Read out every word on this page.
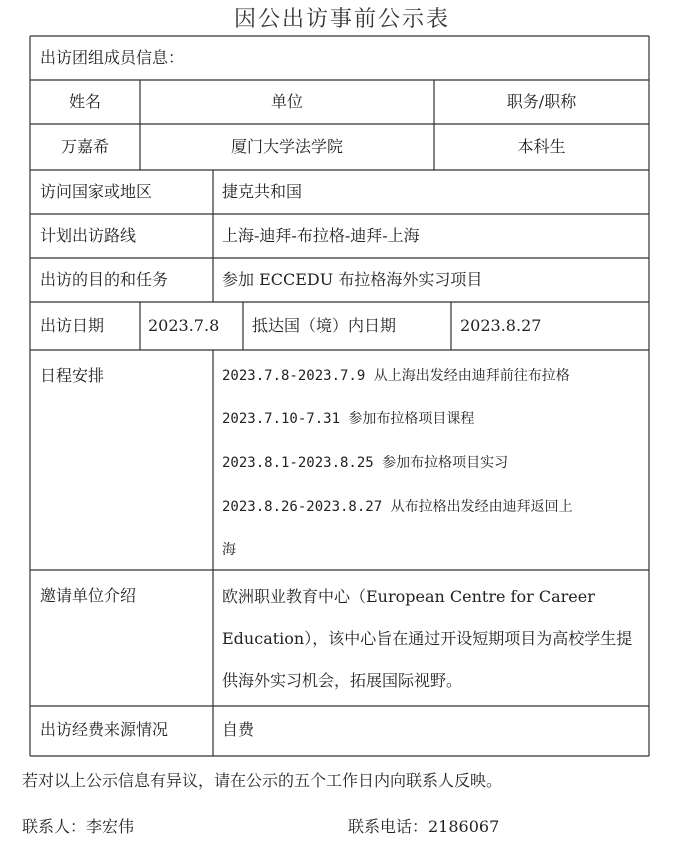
因公出访事前公示表
出访团组成员信息：
姓名	单位	职务/职称
万嘉希	厦门大学法学院	本科生
访问国家或地区	捷克共和国
计划出访路线	上海-迪拜-布拉格-迪拜-上海
出访的目的和任务	参加 ECCEDU 布拉格海外实习项目
出访日期	2023.7.8 抵达国（境）内日期	2023.8.27
日程安排	2023.7.8-2023.7.9 从上海出发经由迪拜前往布拉格
2023.7.10-7.31 参加布拉格项目课程
2023.8.1-2023.8.25 参加布拉格项目实习
2023.8.26-2023.8.27 从布拉格出发经由迪拜返回上
海
邀请单位介绍	欧洲职业教育中心（European Centre for Career Education），该中心旨在通过开设短期项目为高校学生提供海外实习机会，拓展国际视野。
出访经费来源情况	自费
若对以上公示信息有异议，请在公示的五个工作日内向联系人反映。
联系人：李宏伟	联系电话：2186067
